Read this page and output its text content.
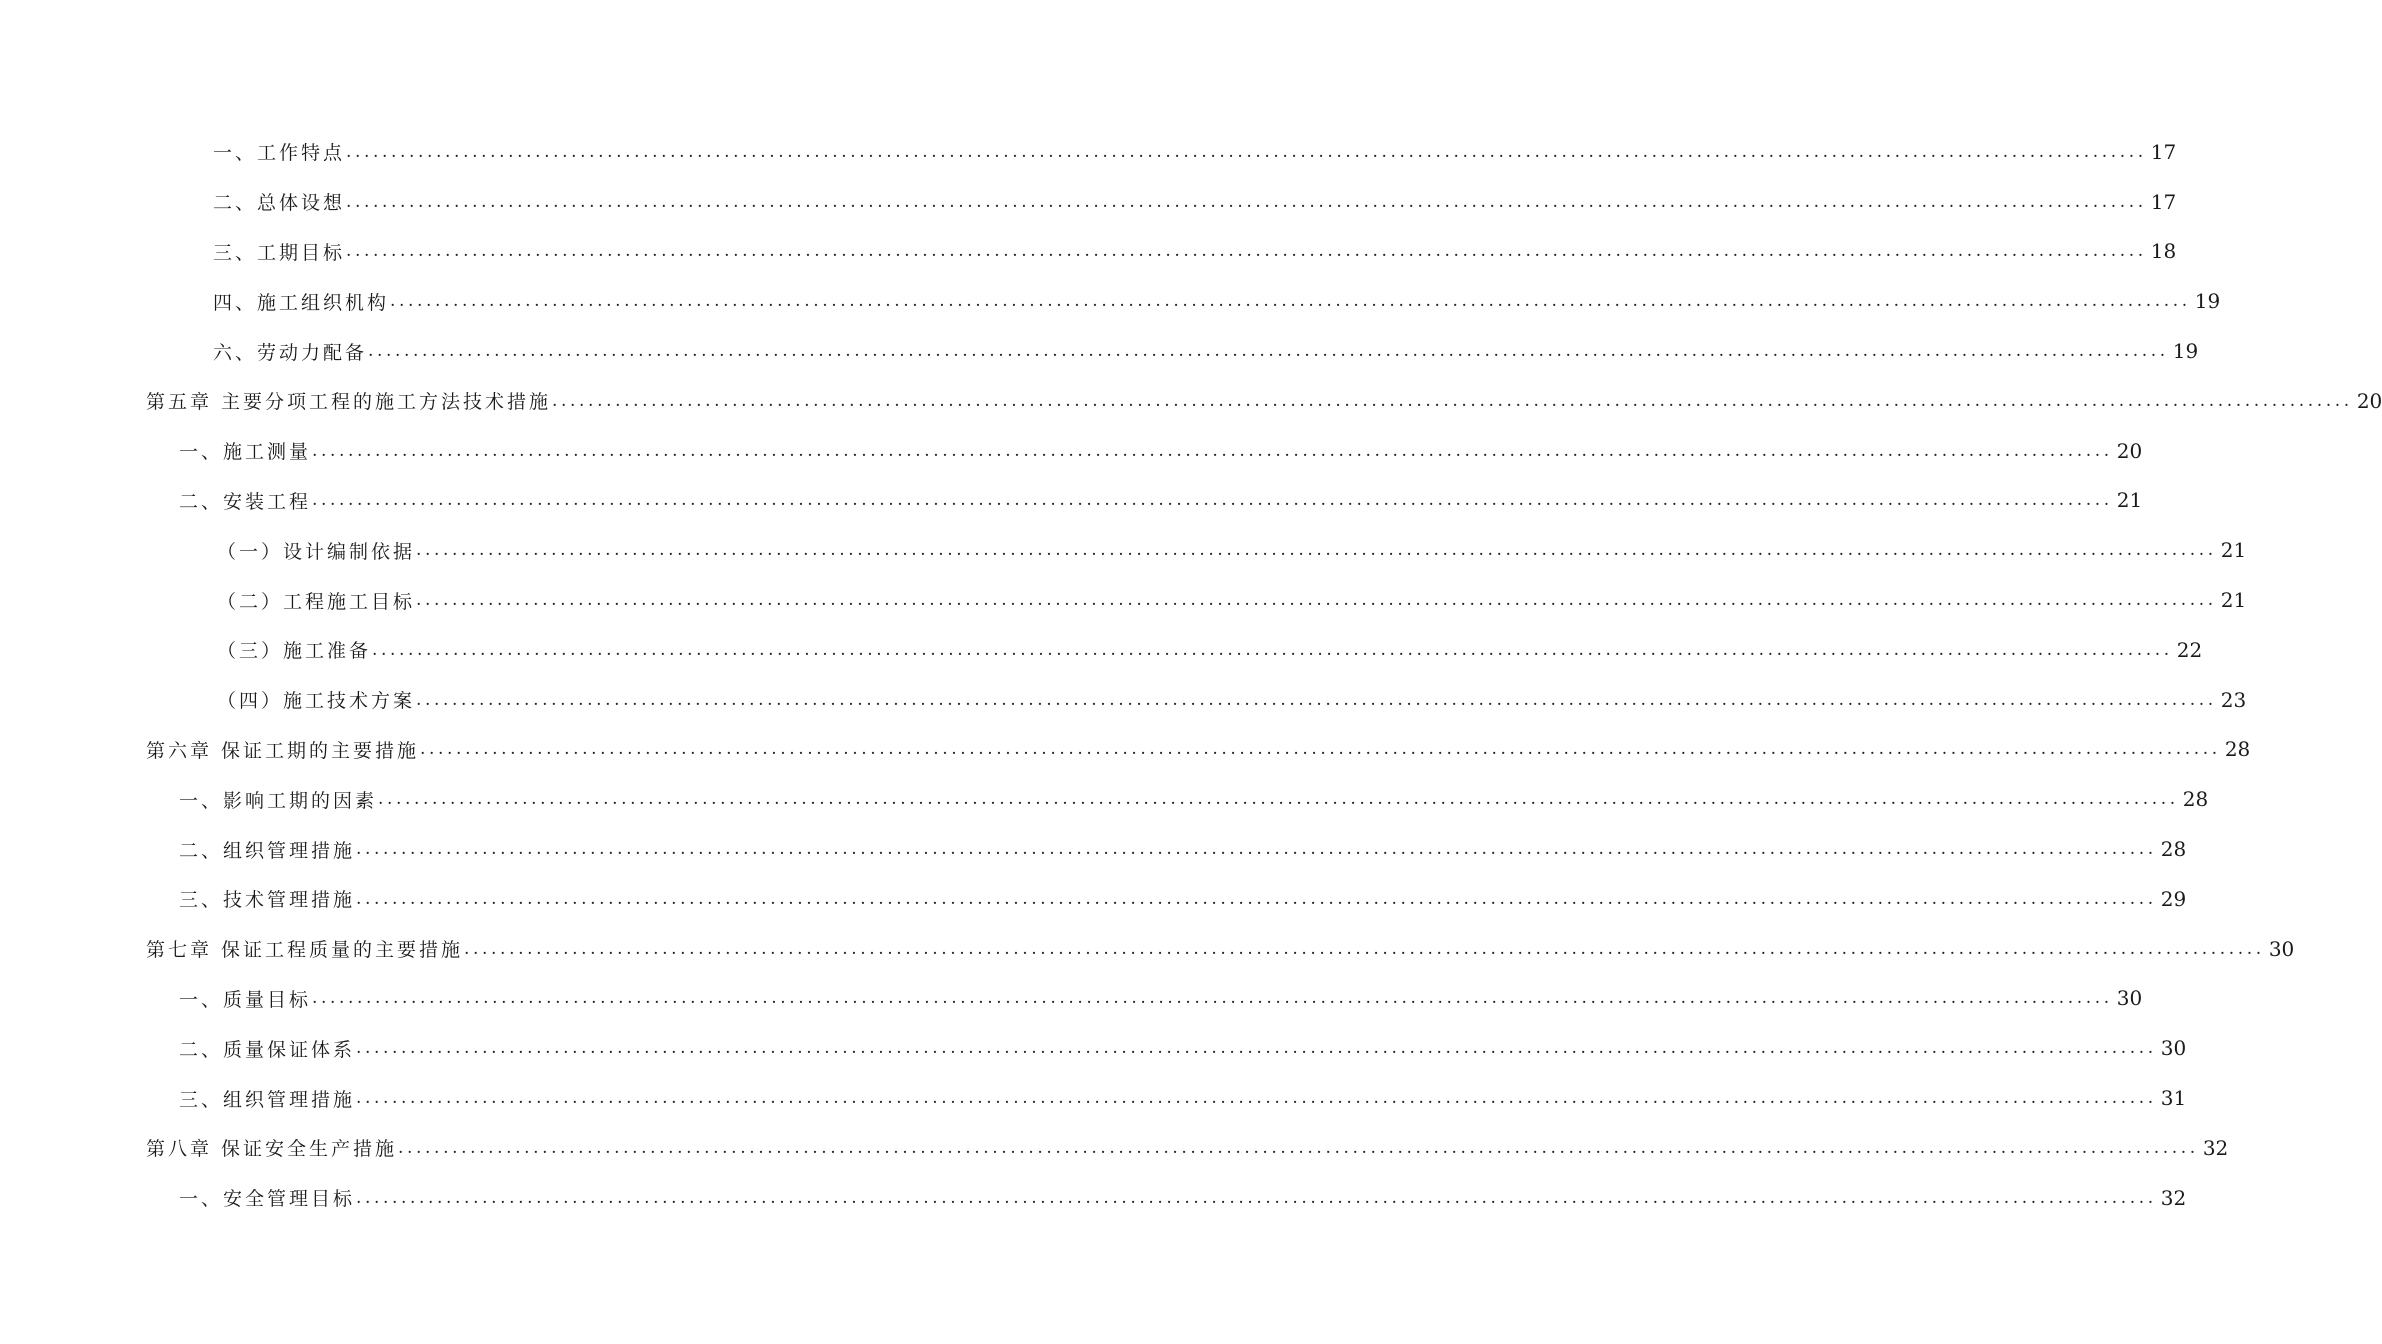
一、工作特点 ........................................................................................................................................................................................................ 17
二、总体设想 ........................................................................................................................................................................................................ 17
三、工期目标 ........................................................................................................................................................................................................ 18
四、施工组织机构 ........................................................................................................................................................................................................ 19
六、劳动力配备 ........................................................................................................................................................................................................ 19
第五章 主要分项工程的施工方法技术措施 ........................................................................................................................................................................................................ 20
一、施工测量 ........................................................................................................................................................................................................ 20
二、安装工程 ........................................................................................................................................................................................................ 21
（一）设计编制依据 ........................................................................................................................................................................................................ 21
（二）工程施工目标 ........................................................................................................................................................................................................ 21
（三）施工准备 ........................................................................................................................................................................................................ 22
（四）施工技术方案 ........................................................................................................................................................................................................ 23
第六章 保证工期的主要措施 ........................................................................................................................................................................................................ 28
一、影响工期的因素 ........................................................................................................................................................................................................ 28
二、组织管理措施 ........................................................................................................................................................................................................ 28
三、技术管理措施 ........................................................................................................................................................................................................ 29
第七章 保证工程质量的主要措施 ........................................................................................................................................................................................................ 30
一、质量目标 ........................................................................................................................................................................................................ 30
二、质量保证体系 ........................................................................................................................................................................................................ 30
三、组织管理措施 ........................................................................................................................................................................................................ 31
第八章 保证安全生产措施 ........................................................................................................................................................................................................ 32
一、安全管理目标 ........................................................................................................................................................................................................ 32
